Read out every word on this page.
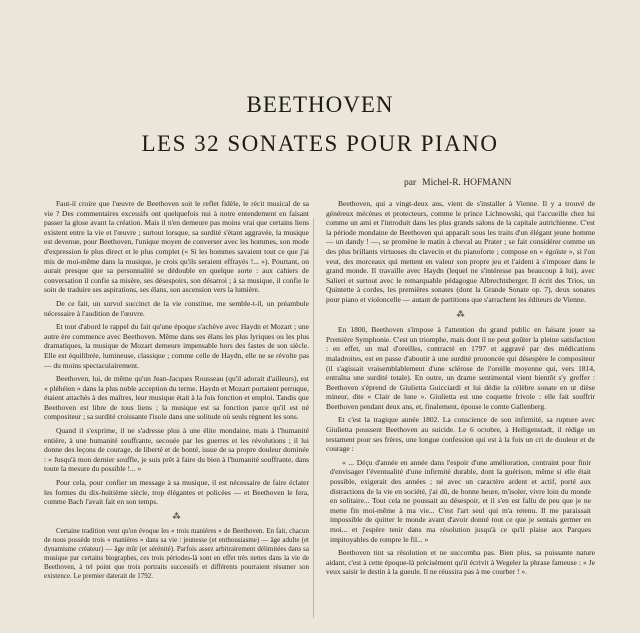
BEETHOVEN
LES 32 SONATES POUR PIANO
par Michel-R. HOFMANN

Faut-il croire que l'œuvre de Beethoven soit le reflet fidèle, le récit musical de sa vie ? Des commentaires excessifs ont quelquefois nui à notre entendement en faisant passer la glose avant la création. Mais il n'en demeure pas moins vrai que certains liens existent entre la vie et l'œuvre ; surtout lorsque, sa surdité s'étant aggravée, la musique est devenue, pour Beethoven, l'unique moyen de converser avec les hommes, son mode d'expression le plus direct et le plus complet (« Si les hommes savaient tout ce que j'ai mis de moi-même dans la musique, je crois qu'ils seraient effrayés !... »). Pourtant, on aurait presque que sa personnalité se dédouble en quelque sorte : aux cahiers de conversation il confie sa misère, ses désespoirs, son désarroi ; à sa musique, il confie le soin de traduire ses aspirations, ses élans, son ascension vers la lumière.

De ce fait, un survol succinct de la vie constitue, me semble-t-il, un préambule nécessaire à l'audition de l'œuvre.

Et tout d'abord le rappel du fait qu'une époque s'achève avec Haydn et Mozart ; une autre ère commence avec Beethoven. Même dans ses élans les plus lyriques ou les plus dramatiques, la musique de Mozart demeure impensable hors des fastes de son siècle. Elle est équilibrée, lumineuse, classique ; comme celle de Haydn, elle ne se révolte pas — du moins spectaculairement.

Beethoven, lui, de même qu'un Jean-Jacques Rousseau (qu'il adorait d'ailleurs), est « pléhéien » dans la plus noble acception du terme. Haydn et Mozart portaient perruque, étaient attachés à des maîtres, leur musique était à la fois fonction et emploi. Tandis que Beethoven est libre de tous liens ; la musique est sa fonction parce qu'il est né compositeur ; sa surdité croissante l'isole dans une solitude où seuls règnent les sons.

Quand il s'exprime, il ne s'adresse plus à une élite mondaine, mais à l'humanité entière, à une humanité souffrante, secouée par les guerres et les révolutions ; il lui donne des leçons de courage, de liberté et de bonté, issue de sa propre douleur dominée : « Jusqu'à mon dernier souffle, je suis prêt à faire du bien à l'humanité souffrante, dans toute la mesure du possible !... »

Pour cela, pour confier un message à sa musique, il est nécessaire de faire éclater les formes du dix-huitième siècle, trop élégantes et policées — et Beethoven le fera, comme Bach l'avait fait en son temps.

⁂

Certaine tradition veut qu'on évoque les « trois manières » de Beethoven. En fait, chacun de nous possède trois « manières » dans sa vie : jeunesse (et enthousiasme) — âge adulte (et dynamisme créateur) — âge mûr (et sérénité). Parfois assez arbitrairement délimitées dans sa musique par certains biographes, ces trois périodes-là sont en effet très nettes dans la vie de Beethoven, à tel point que trois portraits successifs et différents pourraient résumer son existence. Le premier daterait de 1792.

Beethoven, qui a vingt-deux ans, vient de s'installer à Vienne. Il y a trouvé de généreux mécènes et protecteurs, comme le prince Lichnowski, qui l'accueille chez lui comme un ami et l'introduit dans les plus grands salons de la capitale autrichienne. C'est la période mondaine de Beethoven qui apparaît sous les traits d'un élégant jeune homme — un dandy ! —, se promène le matin à cheval au Prater ; se fait considérer comme un des plus brillants virtuoses du clavecin et du pianoforte ; compose en « égoïste », si l'on veut, des morceaux qui mettent en valeur son propre jeu et l'aident à s'imposer dans le grand monde. Il travaille avec Haydn (lequel ne s'intéresse pas beaucoup à lui), avec Salieri et surtout avec le remarquable pédagogue Albrechtsberger. Il écrit des Trios, un Quintette à cordes, les premières sonates (dont la Grande Sonate op. 7), deux sonates pour piano et violoncelle — autant de partitions que s'arrachent les éditeurs de Vienne.

⁂

En 1800, Beethoven s'impose à l'attention du grand public en faisant jouer sa Première Symphonie. C'est un triomphe, mais dont il ne peut goûter la pleine satisfaction : en effet, un mal d'oreilles, contracté en 1797 et aggravé par des médications maladroites, est en passe d'aboutir à une surdité prononcée qui désespère le compositeur (il s'agissait vraisemblablement d'une sclérose de l'oreille moyenne qui, vers 1814, entraîna une surdité totale). En outre, un drame sentimental vient bientôt s'y greffer : Beethoven s'éprend de Giulietta Guicciardi et lui dédie la célèbre sonate en ut dièse mineur, dite « Clair de lune ». Giulietta est une coquette frivole : elle fait souffrir Beethoven pendant deux ans, et, finalement, épouse le comte Gallenberg.

Et c'est la tragique année 1802. La conscience de son infirmité, sa rupture avec Giulietta poussent Beethoven au suicide. Le 6 octobre, à Heiligenstadt, il rédige un testament pour ses frères, une longue confession qui est à la fois un cri de douleur et de courage :

« ... Déçu d'année en année dans l'espoir d'une amélioration, contraint pour finir d'envisager l'éventualité d'une infirmité durable, dont la guérison, même si elle était possible, exigerait des années ; né avec un caractère ardent et actif, porté aux distractions de la vie en société, j'ai dû, de bonne heure, m'isoler, vivre loin du monde en solitaire... Tout cela ne poussait au désespoir, et il s'en est fallu de peu que je ne mette fin moi-même à ma vie... C'est l'art seul qui m'a retenu. Il me paraissait impossible de quitter le monde avant d'avoir donné tout ce que je sentais germer en moi... et j'espère tenir dans ma résolution jusqu'à ce qu'il plaise aux Parques impitoyables de rompre le fil... »

Beethoven tint sa résolution et ne succomba pas. Bien plus, sa puissante nature aidant, c'est à cette époque-là précisément qu'il écrivit à Wegeler la phrase fameuse : « Je veux saisir le destin à la gueule. Il ne réussira pas à me courber ! ».
